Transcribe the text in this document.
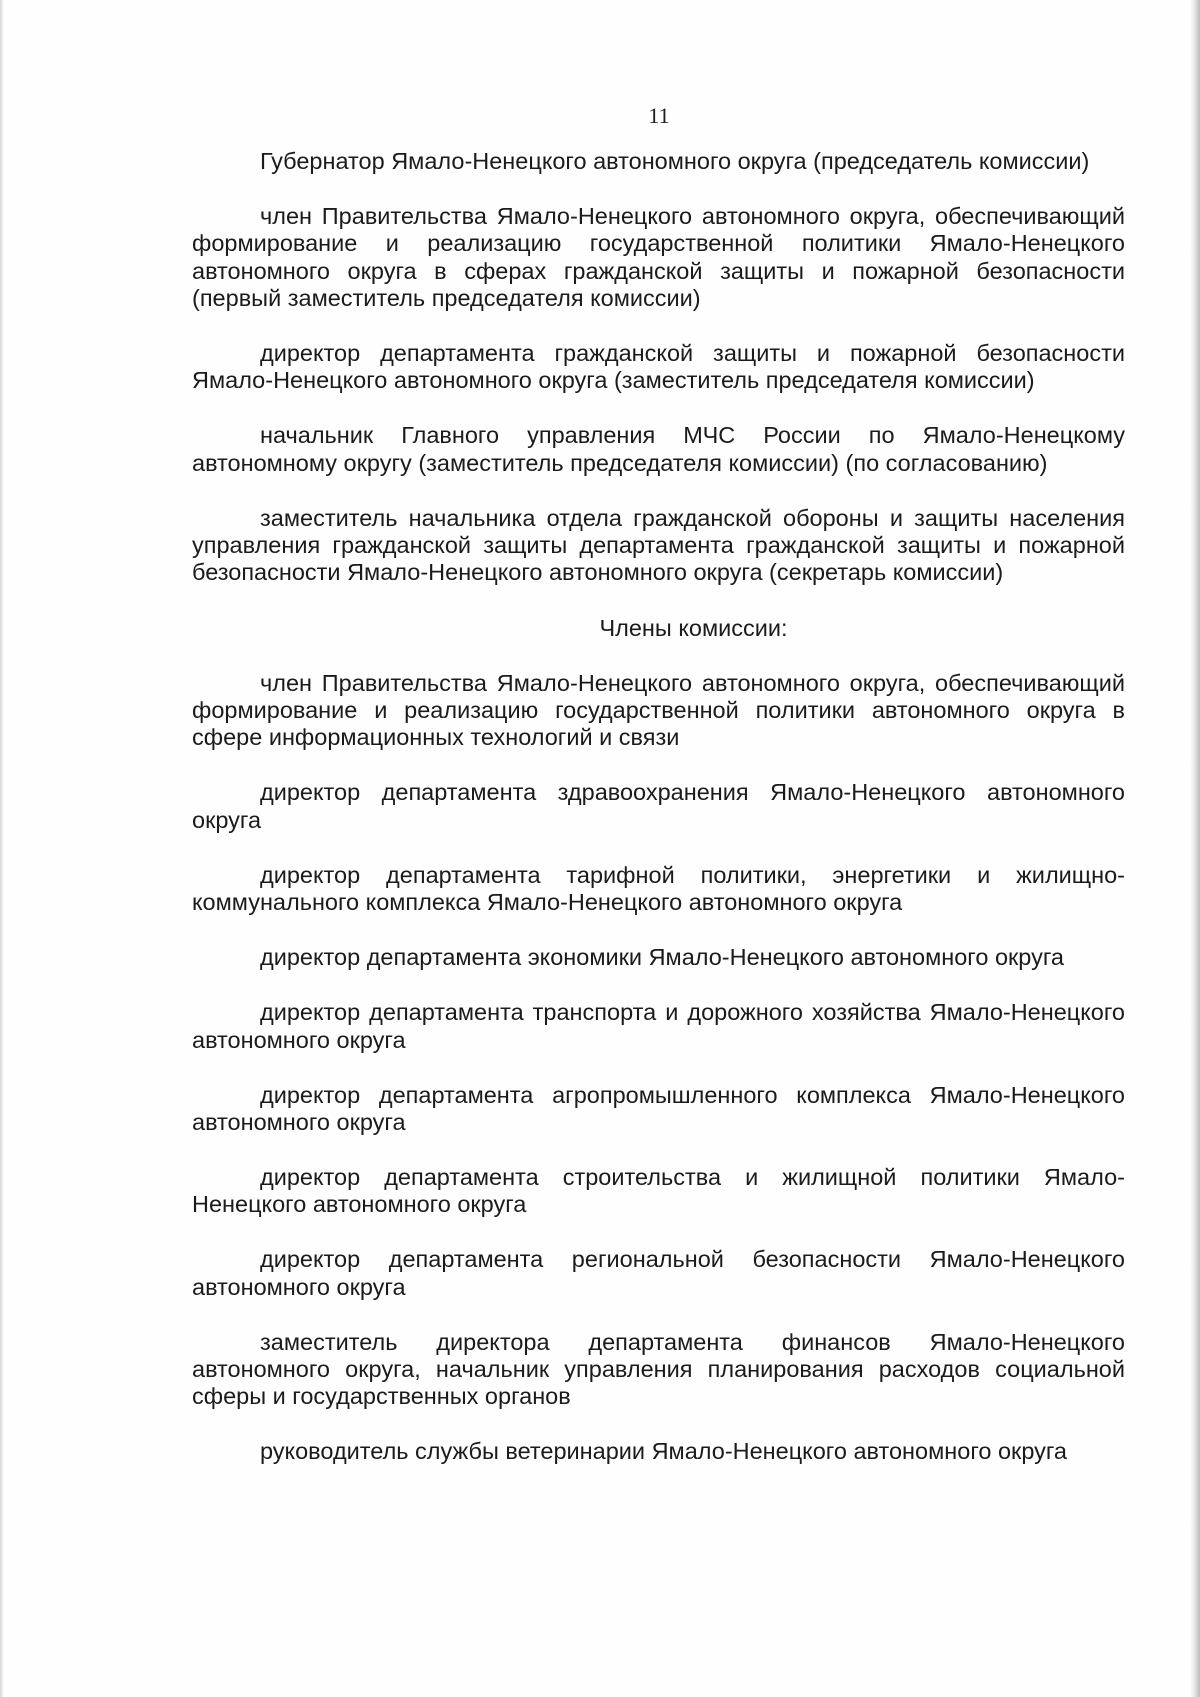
11

Губернатор Ямало-Ненецкого автономного округа (председатель комиссии)

член Правительства Ямало-Ненецкого автономного округа, обеспечивающий формирование и реализацию государственной политики Ямало-Ненецкого автономного округа в сферах гражданской защиты и пожарной безопасности (первый заместитель председателя комиссии)

директор департамента гражданской защиты и пожарной безопасности Ямало-Ненецкого автономного округа (заместитель председателя комиссии)

начальник Главного управления МЧС России по Ямало-Ненецкому автономному округу (заместитель председателя комиссии) (по согласованию)

заместитель начальника отдела гражданской обороны и защиты населения управления гражданской защиты департамента гражданской защиты и пожарной безопасности Ямало-Ненецкого автономного округа (секретарь комиссии)

Члены комиссии:

член Правительства Ямало-Ненецкого автономного округа, обеспечивающий формирование и реализацию государственной политики автономного округа в сфере информационных технологий и связи

директор департамента здравоохранения Ямало-Ненецкого автономного округа

директор департамента тарифной политики, энергетики и жилищно-коммунального комплекса Ямало-Ненецкого автономного округа

директор департамента экономики Ямало-Ненецкого автономного округа

директор департамента транспорта и дорожного хозяйства Ямало-Ненецкого автономного округа

директор департамента агропромышленного комплекса Ямало-Ненецкого автономного округа

директор департамента строительства и жилищной политики Ямало-Ненецкого автономного округа

директор департамента региональной безопасности Ямало-Ненецкого автономного округа

заместитель директора департамента финансов Ямало-Ненецкого автономного округа, начальник управления планирования расходов социальной сферы и государственных органов

руководитель службы ветеринарии Ямало-Ненецкого автономного округа
